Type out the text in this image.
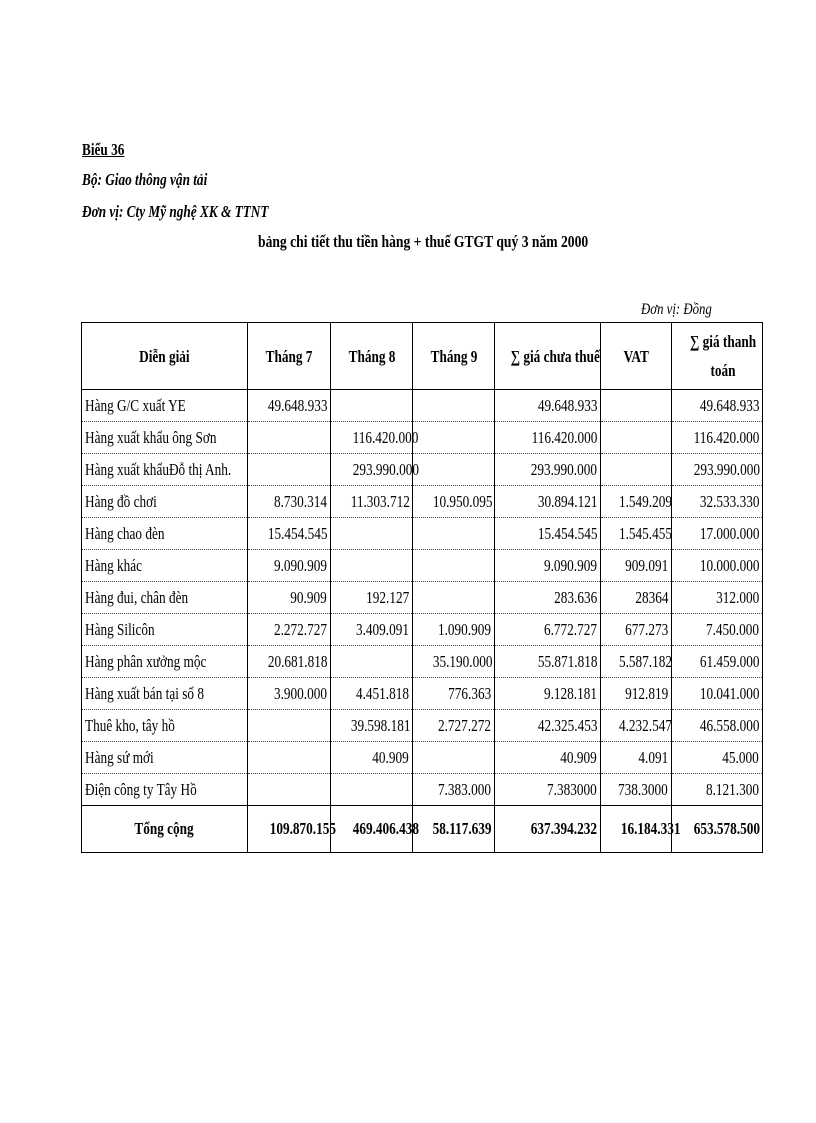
Biểu 36
Bộ: Giao thông vận tải
Đơn vị: Cty Mỹ nghệ XK & TTNT
bảng chi tiết thu tiền hàng + thuế GTGT quý 3 năm 2000
Đơn vị: Đồng
Diễn giải	Tháng 7	Tháng 8	Tháng 9	∑ giá chưa thuế	VAT	∑ giá thanh toán
Hàng G/C xuất YE	49.648.933			49.648.933		49.648.933
Hàng xuất khẩu ông Sơn		116.420.000		116.420.000		116.420.000
Hàng xuất khẩuĐỗ thị Anh.		293.990.000		293.990.000		293.990.000
Hàng đồ chơi	8.730.314	11.303.712	10.950.095	30.894.121	1.549.209	32.533.330
Hàng chao đèn	15.454.545			15.454.545	1.545.455	17.000.000
Hàng khác	9.090.909			9.090.909	909.091	10.000.000
Hàng đui, chân đèn	90.909	192.127		283.636	28364	312.000
Hàng Silicôn	2.272.727	3.409.091	1.090.909	6.772.727	677.273	7.450.000
Hàng phân xưởng mộc	20.681.818		35.190.000	55.871.818	5.587.182	61.459.000
Hàng xuất bán tại số 8	3.900.000	4.451.818	776.363	9.128.181	912.819	10.041.000
Thuê kho, tây hồ		39.598.181	2.727.272	42.325.453	4.232.547	46.558.000
Hàng sứ mới		40.909		40.909	4.091	45.000
Điện công ty Tây Hồ			7.383.000	7.383000	738.3000	8.121.300
Tổng cộng	109.870.155	469.406.438	58.117.639	637.394.232	16.184.331	653.578.500
